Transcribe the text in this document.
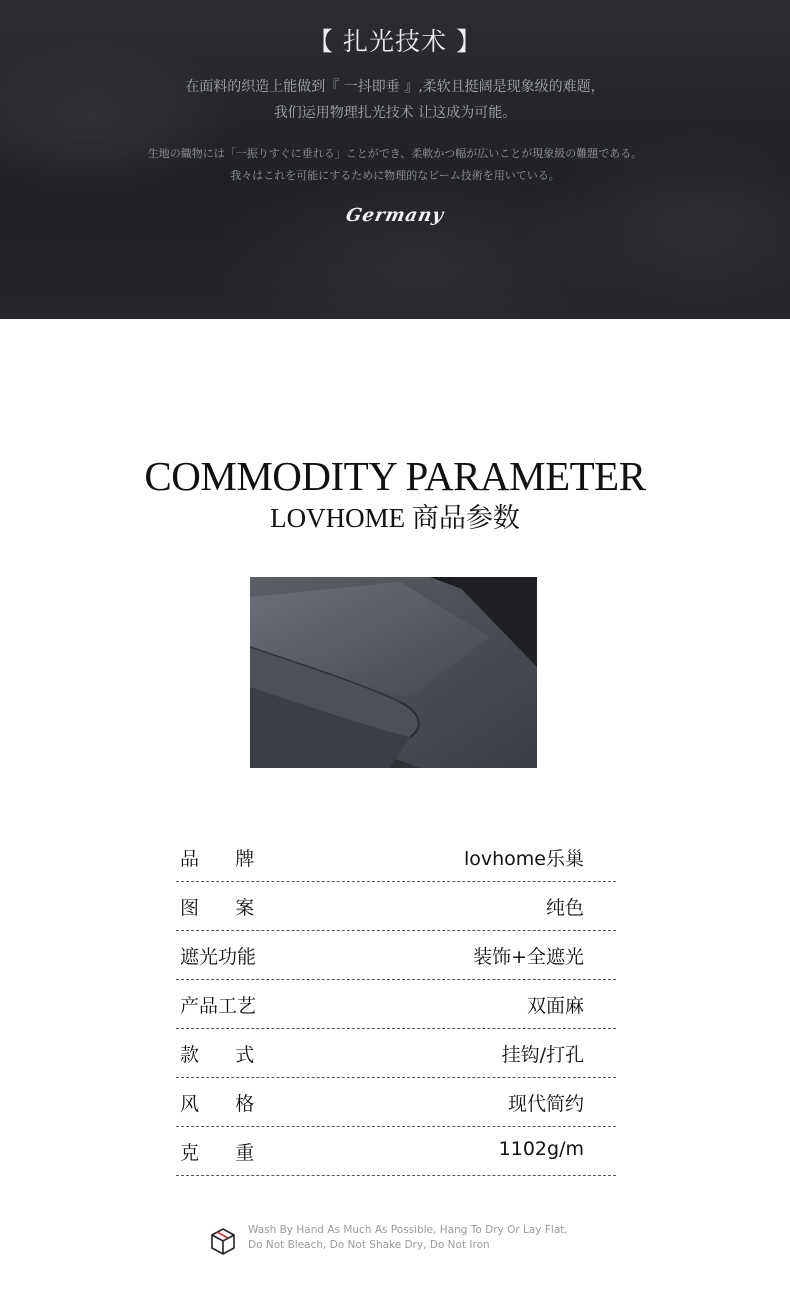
【 扎光技术 】
在面料的织造上能做到『 一抖即垂 』,柔软且挺阔是现象级的难题，
我们运用物理扎光技术 让这成为可能。
生地の織物には「一振りすぐに垂れる」ことができ、柔軟かつ幅が広いことが現象級の難題である。
我々はこれを可能にするために物理的なビーム技術を用いている。
Germany
COMMODITY PARAMETER
LOVHOME 商品参数
品      牌	lovhome乐巢
图      案	纯色
遮光功能	装饰+全遮光
产品工艺	双面麻
款      式	挂钩/打孔
风      格	现代简约
克      重	1102g/m
Wash By Hand As Much As Possible, Hang To Dry Or Lay Flat,
Do Not Bleach, Do Not Shake Dry, Do Not Iron
